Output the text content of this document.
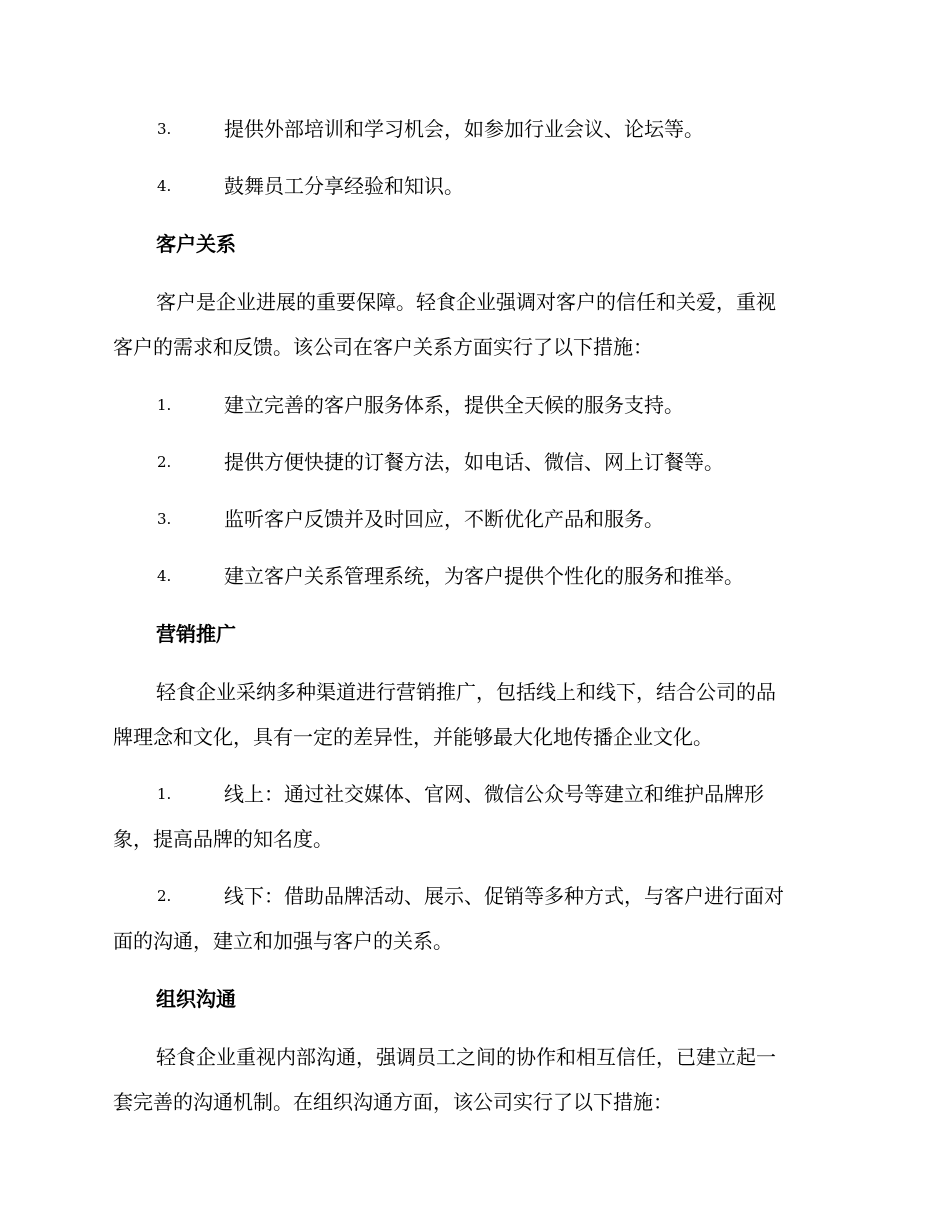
3.	提供外部培训和学习机会，如参加行业会议、论坛等。

4.	鼓舞员工分享经验和知识。

客户关系

客户是企业进展的重要保障。轻食企业强调对客户的信任和关爱，重视

客户的需求和反馈。该公司在客户关系方面实行了以下措施：

1.	建立完善的客户服务体系，提供全天候的服务支持。

2.	提供方便快捷的订餐方法，如电话、微信、网上订餐等。

3.	监听客户反馈并及时回应，不断优化产品和服务。

4.	建立客户关系管理系统，为客户提供个性化的服务和推举。

营销推广

轻食企业采纳多种渠道进行营销推广，包括线上和线下，结合公司的品

牌理念和文化，具有一定的差异性，并能够最大化地传播企业文化。

1.	线上：通过社交媒体、官网、微信公众号等建立和维护品牌形

象，提高品牌的知名度。

2.	线下：借助品牌活动、展示、促销等多种方式，与客户进行面对

面的沟通，建立和加强与客户的关系。

组织沟通

轻食企业重视内部沟通，强调员工之间的协作和相互信任，已建立起一

套完善的沟通机制。在组织沟通方面，该公司实行了以下措施：
